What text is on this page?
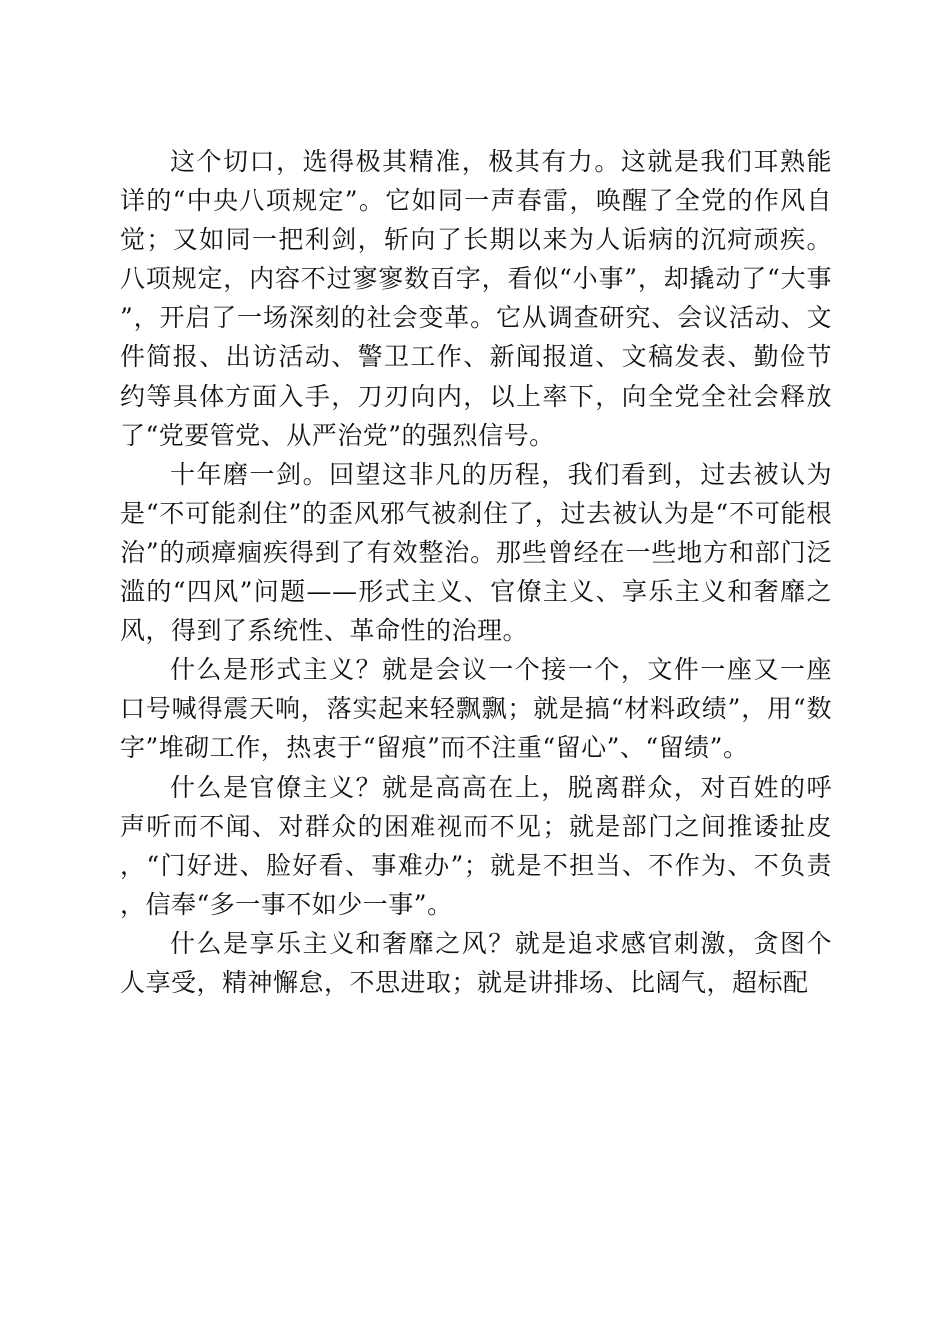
这个切口，选得极其精准，极其有力。这就是我们耳熟能详的“中央八项规定”。它如同一声春雷，唤醒了全党的作风自觉；又如同一把利剑，斩向了长期以来为人诟病的沉疴顽疾。八项规定，内容不过寥寥数百字，看似“小事”，却撬动了“大事”，开启了一场深刻的社会变革。它从调查研究、会议活动、文件简报、出访活动、警卫工作、新闻报道、文稿发表、勤俭节约等具体方面入手，刀刃向内，以上率下，向全党全社会释放了“党要管党、从严治党”的强烈信号。

十年磨一剑。回望这非凡的历程，我们看到，过去被认为是“不可能刹住”的歪风邪气被刹住了，过去被认为是“不可能根治”的顽瘴痼疾得到了有效整治。那些曾经在一些地方和部门泛滥的“四风”问题——形式主义、官僚主义、享乐主义和奢靡之风，得到了系统性、革命性的治理。

什么是形式主义？就是会议一个接一个，文件一座又一座口号喊得震天响，落实起来轻飘飘；就是搞“材料政绩”，用“数字”堆砌工作，热衷于“留痕”而不注重“留心”、“留绩”。

什么是官僚主义？就是高高在上，脱离群众，对百姓的呼声听而不闻、对群众的困难视而不见；就是部门之间推诿扯皮，“门好进、脸好看、事难办”；就是不担当、不作为、不负责，信奉“多一事不如少一事”。

什么是享乐主义和奢靡之风？就是追求感官刺激，贪图个人享受，精神懈怠，不思进取；就是讲排场、比阔气，超标配
